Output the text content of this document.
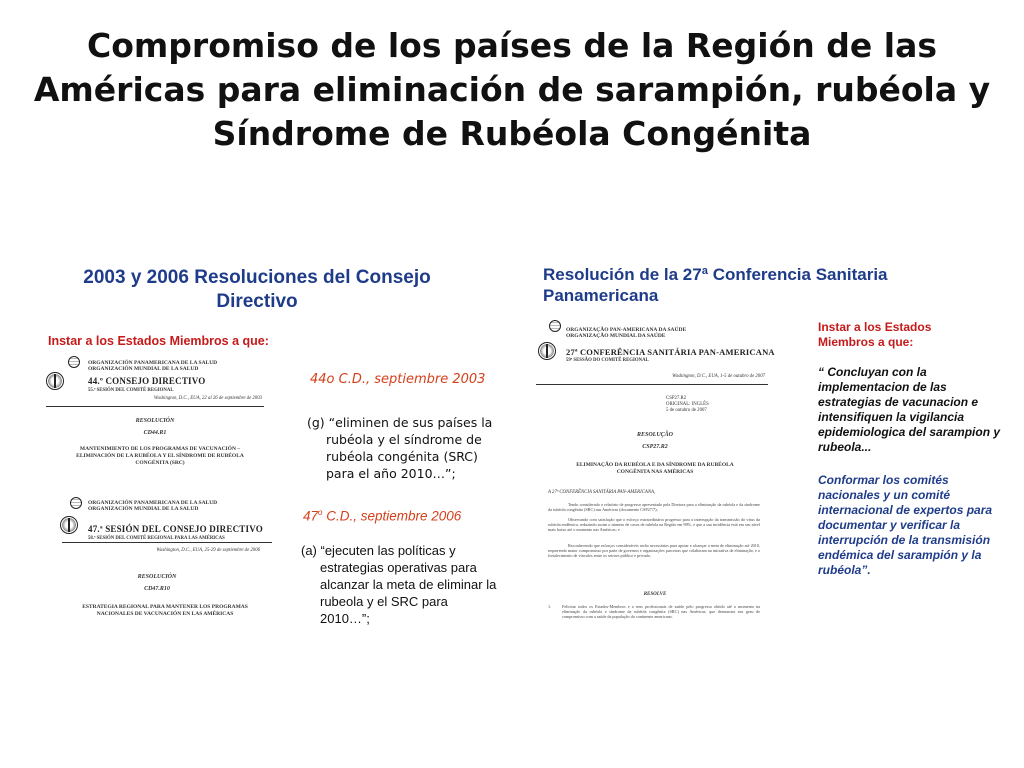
Compromiso de los países de la Región de las Américas para eliminación de sarampión, rubéola y Síndrome de Rubéola Congénita
2003 y 2006 Resoluciones del Consejo Directivo
Instar a los Estados Miembros a que:
ORGANIZACIÓN PANAMERICANA DE LA SALUD
ORGANIZACIÓN MUNDIAL DE LA SALUD
44.º CONSEJO DIRECTIVO
55.ª SESIÓN DEL COMITÉ REGIONAL
Washington, D.C., EUA, 22 al 26 de septiembre de 2003
RESOLUCIÓN
CD44.R1
MANTENIMIENTO DE LOS PROGRAMAS DE VACUNACIÓN – ELIMINACIÓN DE LA RUBÉOLA Y EL SÍNDROME DE RUBÉOLA CONGÉNITA (SRC)
44o C.D., septiembre 2003
(g) “eliminen de sus países la
rubéola y el síndrome de rubéola congénita (SRC) para el año 2010…”;
ORGANIZACIÓN PANAMERICANA DE LA SALUD
ORGANIZACIÓN MUNDIAL DE LA SALUD
47.ª SESIÓN DEL CONSEJO DIRECTIVO
58.ª SESIÓN DEL COMITÉ REGIONAL PARA LAS AMÉRICAS
Washington, D.C., EUA, 25-29 de septiembre de 2006
RESOLUCIÓN
CD47.R10
ESTRATEGIA REGIONAL PARA MANTENER LOS PROGRAMAS NACIONALES DE VACUNACIÓN EN LAS AMÉRICAS
47$^o$ C.D., septiembre 2006
(a) “ejecuten las políticas y
estrategias operativas para alcanzar la meta de eliminar la rubeola y el SRC para 2010…”;
Resolución de la 27ª Conferencia Sanitaria Panamericana
ORGANIZAÇÃO PAN-AMERICANA DA SAÚDE
ORGANIZAÇÃO MUNDIAL DA SAÚDE
27ª CONFERÊNCIA SANITÁRIA PAN-AMERICANA
59ª SESSÃO DO COMITÊ REGIONAL
Washington, D.C., EUA, 1-5 de outubro de 2007
CSP27.R2
ORIGINAL: INGLÊS
5 de outubro de 2007
RESOLUÇÃO
CSP27.R2
ELIMINAÇÃO DA RUBÉOLA E DA SÍNDROME DA RUBÉOLA CONGÊNITA NAS AMÉRICAS
A 27ª CONFERÊNCIA SANITÁRIA PAN-AMERICANA,
Tendo considerado o relatório de progresso apresentado pela Diretora para a eliminação da rubéola e da síndrome da rubéola congênita (SRC) nas Américas (documento CSP27/7);
Observando com satisfação que o esforço extraordinário progresso para a interrupção da transmissão do vírus da rubéola endêmica, reduzindo assim o número de casos de rubéola na Região em 98%, e que a sua incidência está em seu nível mais baixo até o momento nas Américas; e
Reconhecendo que esforços consideráveis serão necessários para apoiar e alcançar a meta de eliminação até 2010, requerendo maior compromisso por parte de governos e organizações parceiras que colaboram na iniciativa de eliminação, e o fortalecimento de vínculos entre os setores público e privado,
RESOLVE
1.	Felicitar todos os Estados-Membros e a seus profissionais de saúde pelo progresso obtido até o momento na eliminação da rubéola e síndrome da rubéola congênita (SRC) nas Américas, que demonstra seu grau de compromisso com a saúde da população do continente americano.
Instar a los Estados Miembros a que:
“ Concluyan con la implementacion de las estrategias de vacunacion e intensifiquen la vigilancia epidemiologica del sarampion y rubeola...
Conformar los comités nacionales y un comité internacional de expertos para documentar y verificar la interrupción de la transmisión endémica del sarampión y la rubéola”.
